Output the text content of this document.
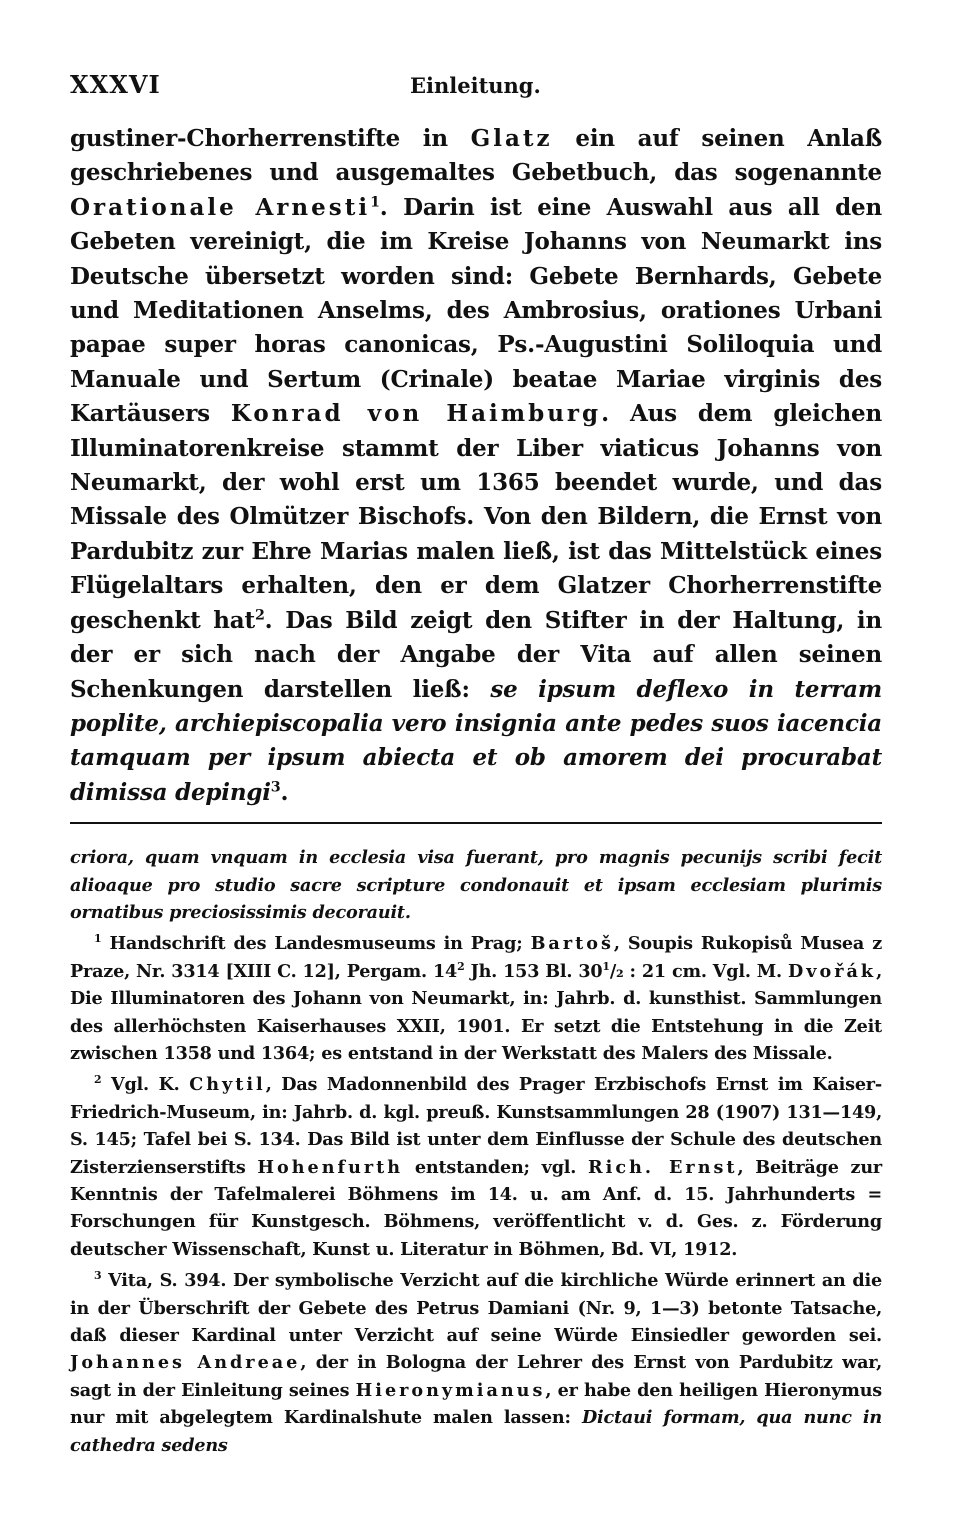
XXXVI	Einleitung.

gustiner-Chorherrenstifte in Glatz ein auf seinen Anlaß geschriebenes und ausgemaltes Gebetbuch, das sogenannte Orationale Arnesti$^1$. Darin ist eine Auswahl aus all den Gebeten vereinigt, die im Kreise Johanns von Neumarkt ins Deutsche übersetzt worden sind: Gebete Bernhards, Gebete und Meditationen Anselms, des Ambrosius, orationes Urbani papae super horas canonicas, Ps.-Augustini Soliloquia und Manuale und Sertum (Crinale) beatae Mariae virginis des Kartäusers Konrad von Haimburg. Aus dem gleichen Illuminatorenkreise stammt der Liber viaticus Johanns von Neumarkt, der wohl erst um 1365 beendet wurde, und das Missale des Olmützer Bischofs. Von den Bildern, die Ernst von Pardubitz zur Ehre Marias malen ließ, ist das Mittelstück eines Flügelaltars erhalten, den er dem Glatzer Chorherrenstifte geschenkt hat$^2$. Das Bild zeigt den Stifter in der Haltung, in der er sich nach der Angabe der Vita auf allen seinen Schenkungen darstellen ließ: se ipsum deflexo in terram poplite, archiepiscopalia vero insignia ante pedes suos iacencia tamquam per ipsum abiecta et ob amorem dei procurabat dimissa depingi$^3$.

criora, quam vnquam in ecclesia visa fuerant, pro magnis pecunijs scribi fecit alioaque pro studio sacre scripture condonauit et ipsam ecclesiam plurimis ornatibus preciosissimis decorauit.

$^1$ Handschrift des Landesmuseums in Prag; Bartoš, Soupis Rukopisů Musea z Praze, Nr. 3314 [XIII C. 12], Pergam. $14^2$ Jh. 153 Bl. $30^1/_2$ : 21 cm. Vgl. M. Dvořák, Die Illuminatoren des Johann von Neumarkt, in: Jahrb. d. kunsthist. Sammlungen des allerhöchsten Kaiserhauses XXII, 1901. Er setzt die Entstehung in die Zeit zwischen 1358 und 1364; es entstand in der Werkstatt des Malers des Missale.

$^2$ Vgl. K. Chytil, Das Madonnenbild des Prager Erzbischofs Ernst im Kaiser-Friedrich-Museum, in: Jahrb. d. kgl. preuß. Kunstsammlungen 28 (1907) 131—149, S. 145; Tafel bei S. 134. Das Bild ist unter dem Einflusse der Schule des deutschen Zisterzienserstifts Hohenfurth entstanden; vgl. Rich. Ernst, Beiträge zur Kenntnis der Tafelmalerei Böhmens im 14. u. am Anf. d. 15. Jahrhunderts = Forschungen für Kunstgesch. Böhmens, veröffentlicht v. d. Ges. z. Förderung deutscher Wissenschaft, Kunst u. Literatur in Böhmen, Bd. VI, 1912.

$^3$ Vita, S. 394. Der symbolische Verzicht auf die kirchliche Würde erinnert an die in der Überschrift der Gebete des Petrus Damiani (Nr. 9, 1—3) betonte Tatsache, daß dieser Kardinal unter Verzicht auf seine Würde Einsiedler geworden sei. Johannes Andreae, der in Bologna der Lehrer des Ernst von Pardubitz war, sagt in der Einleitung seines Hieronymianus, er habe den heiligen Hieronymus nur mit abgelegtem Kardinalshute malen lassen: Dictaui formam, qua nunc in cathedra sedens
